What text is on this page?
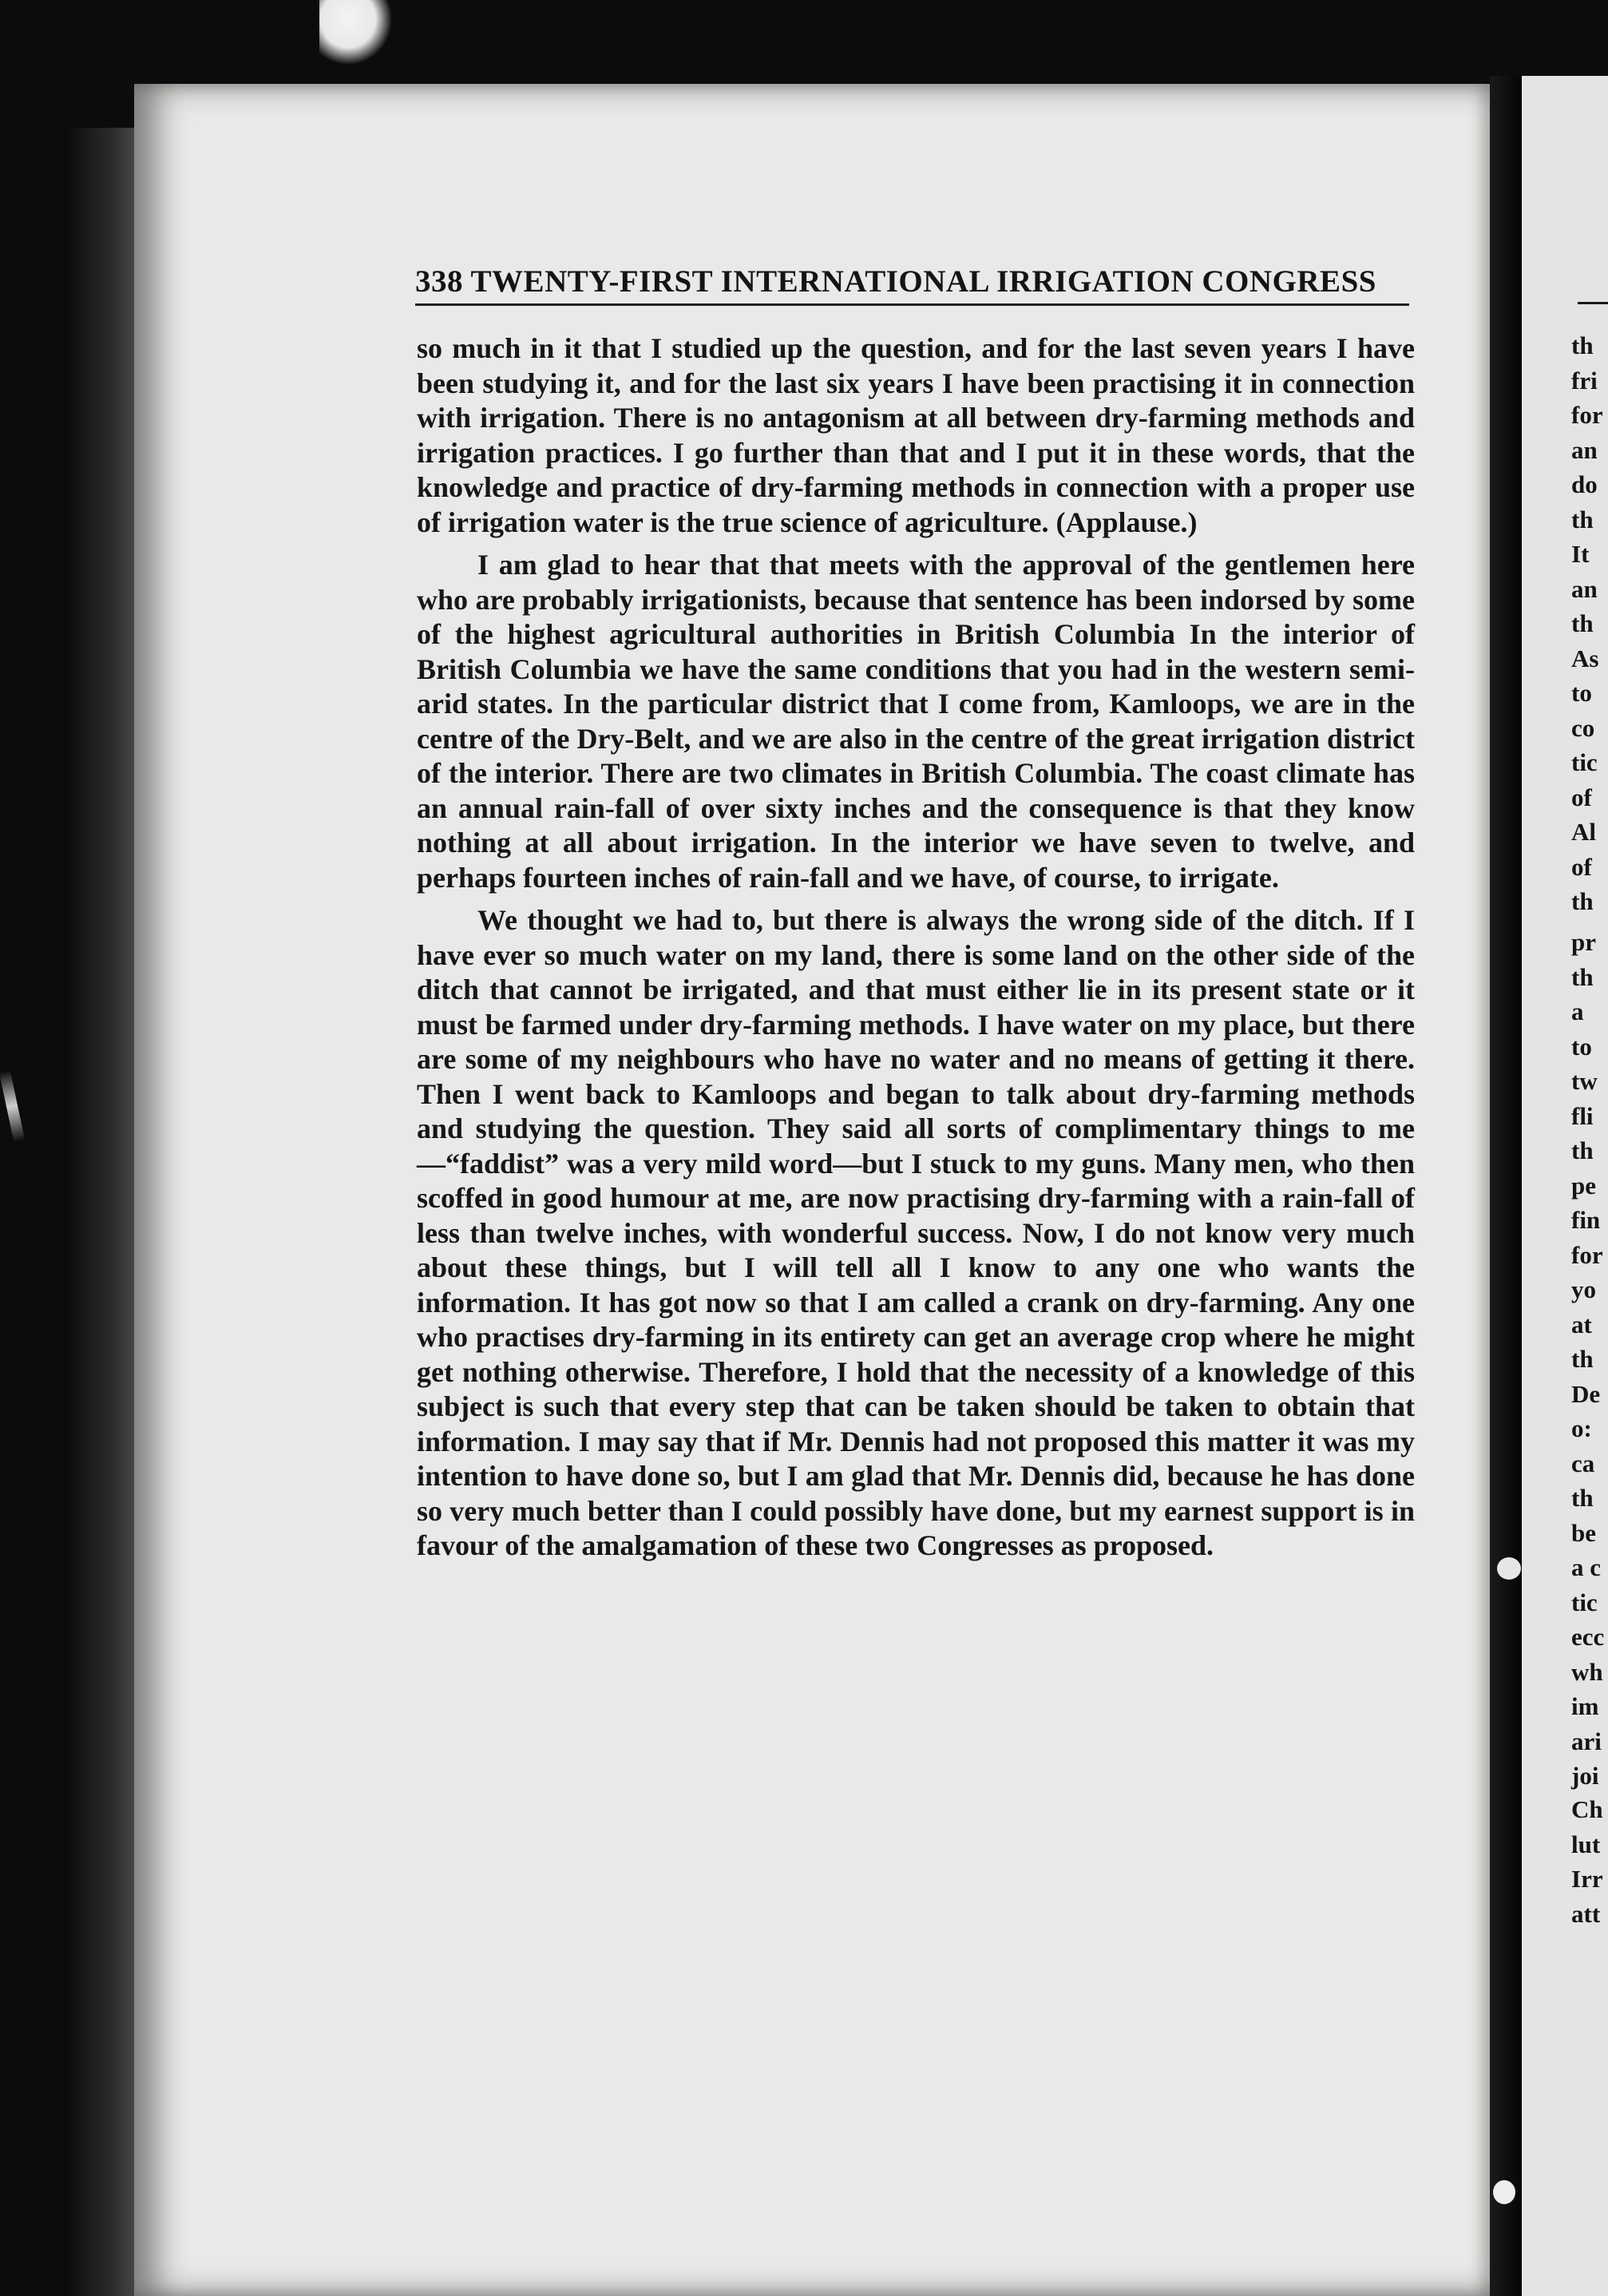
338 TWENTY-FIRST INTERNATIONAL IRRIGATION CONGRESS

so much in it that I studied up the question, and for the last seven years I have been studying it, and for the last six years I have been practising it in connection with irrigation. There is no antagonism at all between dry-farming methods and irrigation practices. I go further than that and I put it in these words, that the knowledge and practice of dry-farming methods in connection with a proper use of irrigation water is the true science of agriculture. (Applause.)

I am glad to hear that that meets with the approval of the gentlemen here who are probably irrigationists, because that sentence has been indorsed by some of the highest agricultural authorities in British Columbia In the interior of British Columbia we have the same conditions that you had in the western semi-arid states. In the particular district that I come from, Kamloops, we are in the centre of the Dry-Belt, and we are also in the centre of the great irrigation district of the interior. There are two climates in British Columbia. The coast climate has an annual rain-fall of over sixty inches and the consequence is that they know nothing at all about irrigation. In the interior we have seven to twelve, and perhaps fourteen inches of rain-fall and we have, of course, to irrigate.

We thought we had to, but there is always the wrong side of the ditch. If I have ever so much water on my land, there is some land on the other side of the ditch that cannot be irrigated, and that must either lie in its present state or it must be farmed under dry-farming methods. I have water on my place, but there are some of my neighbours who have no water and no means of getting it there. Then I went back to Kamloops and began to talk about dry-farming methods and studying the question. They said all sorts of complimentary things to me—“faddist” was a very mild word—but I stuck to my guns. Many men, who then scoffed in good humour at me, are now practising dry-farming with a rain-fall of less than twelve inches, with wonderful success. Now, I do not know very much about these things, but I will tell all I know to any one who wants the information. It has got now so that I am called a crank on dry-farming. Any one who practises dry-farming in its entirety can get an average crop where he might get nothing otherwise. Therefore, I hold that the necessity of a knowledge of this subject is such that every step that can be taken should be taken to obtain that information. I may say that if Mr. Dennis had not proposed this matter it was my intention to have done so, but I am glad that Mr. Dennis did, because he has done so very much better than I could possibly have done, but my earnest support is in favour of the amalgamation of these two Congresses as proposed.

th
fri
for
an
do
th
It
an
th
As
to
co
tic
of
Al
of
th
pr
th
a
to
tw
fli
th
pe
fin
for
yo
at
th
De
o:
ca
th
be
a c
tic
ecc
wh
im
ari
joi
Ch
lut
Irr
att
